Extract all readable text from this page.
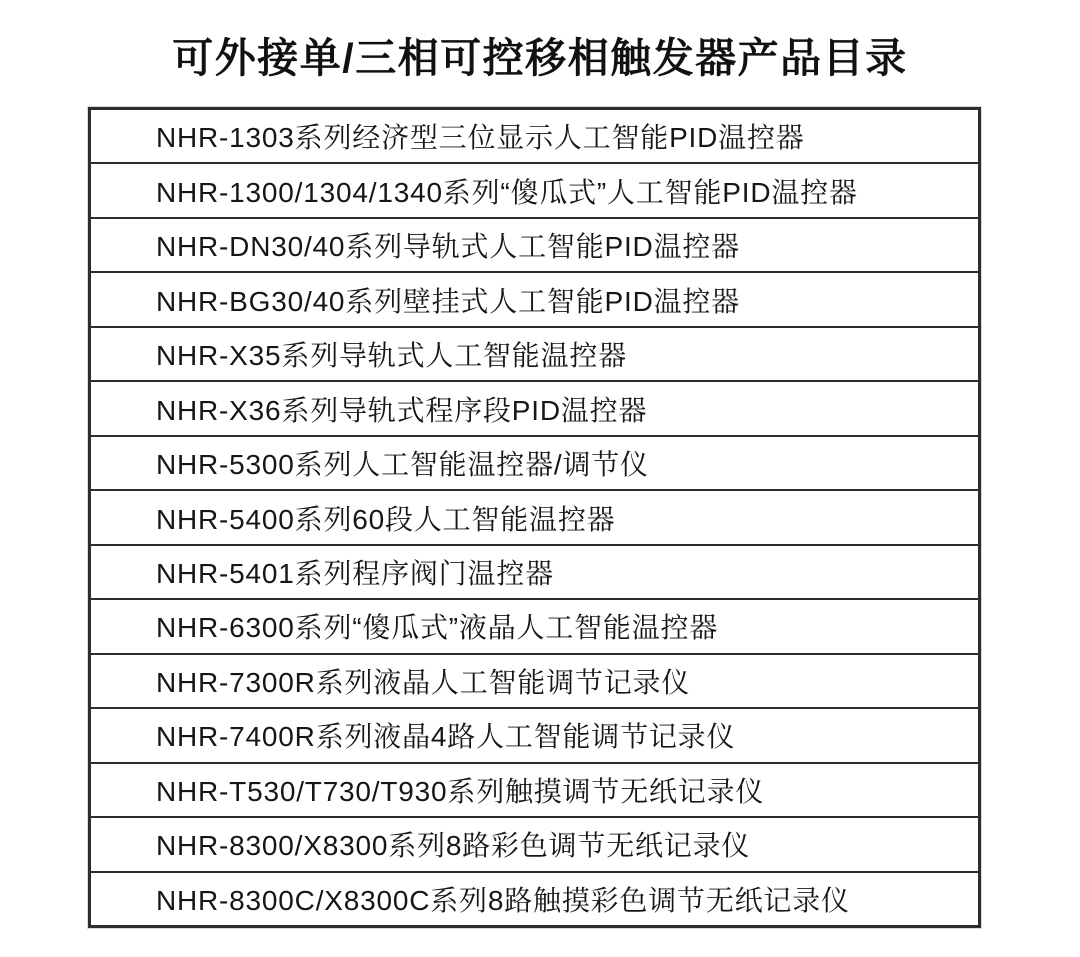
可外接单/三相可控移相触发器产品目录
NHR-1303系列经济型三位显示人工智能PID温控器
NHR-1300/1304/1340系列“傻瓜式”人工智能PID温控器
NHR-DN30/40系列导轨式人工智能PID温控器
NHR-BG30/40系列壁挂式人工智能PID温控器
NHR-X35系列导轨式人工智能温控器
NHR-X36系列导轨式程序段PID温控器
NHR-5300系列人工智能温控器/调节仪
NHR-5400系列60段人工智能温控器
NHR-5401系列程序阀门温控器
NHR-6300系列“傻瓜式”液晶人工智能温控器
NHR-7300R系列液晶人工智能调节记录仪
NHR-7400R系列液晶4路人工智能调节记录仪
NHR-T530/T730/T930系列触摸调节无纸记录仪
NHR-8300/X8300系列8路彩色调节无纸记录仪
NHR-8300C/X8300C系列8路触摸彩色调节无纸记录仪
